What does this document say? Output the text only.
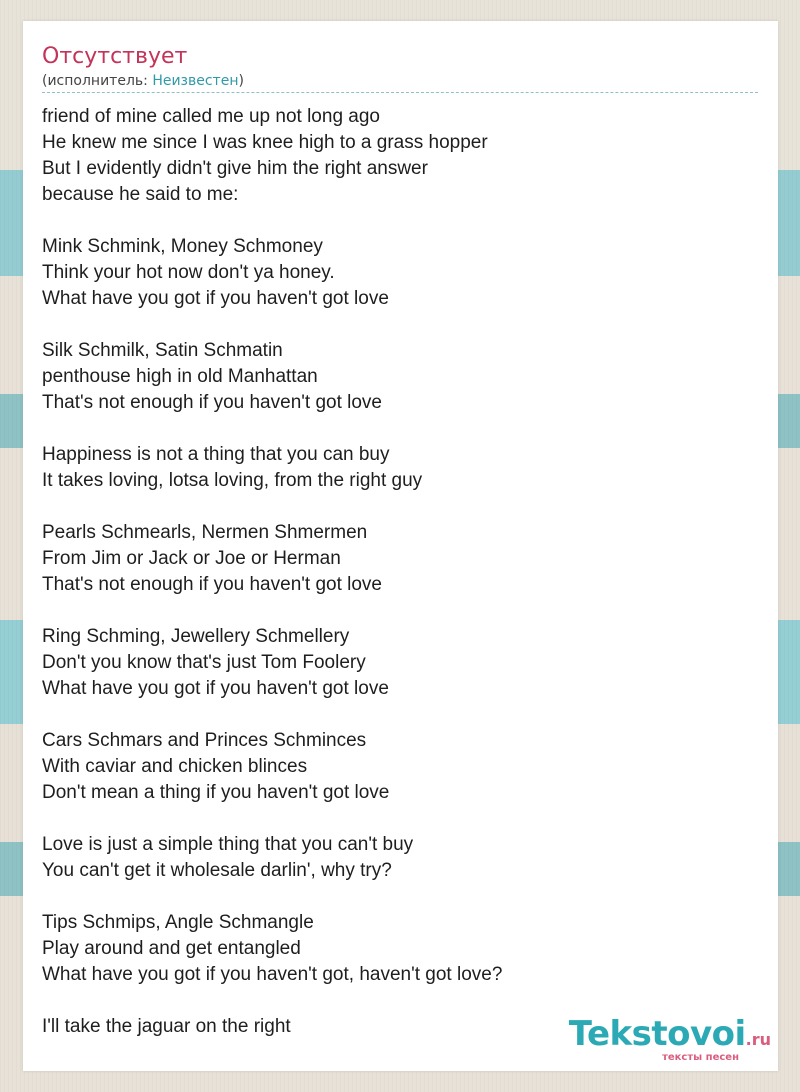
Отсутствует
(исполнитель: Неизвестен)
friend of mine called me up not long ago
He knew me since I was knee high to a grass hopper
But I evidently didn't give him the right answer
because he said to me:
Mink Schmink, Money Schmoney
Think your hot now don't ya honey.
What have you got if you haven't got love
Silk Schmilk, Satin Schmatin
penthouse high in old Manhattan
That's not enough if you haven't got love
Happiness is not a thing that you can buy
It takes loving, lotsa loving, from the right guy
Pearls Schmearls, Nermen Shmermen
From Jim or Jack or Joe or Herman
That's not enough if you haven't got love
Ring Schming, Jewellery Schmellery
Don't you know that's just Tom Foolery
What have you got if you haven't got love
Cars Schmars and Princes Schminces
With caviar and chicken blinces
Don't mean a thing if you haven't got love
Love is just a simple thing that you can't buy
You can't get it wholesale darlin', why try?
Tips Schmips, Angle Schmangle
Play around and get entangled
What have you got if you haven't got, haven't got love?
I'll take the jaguar on the right	Tekstovoi.ru
тексты песен
